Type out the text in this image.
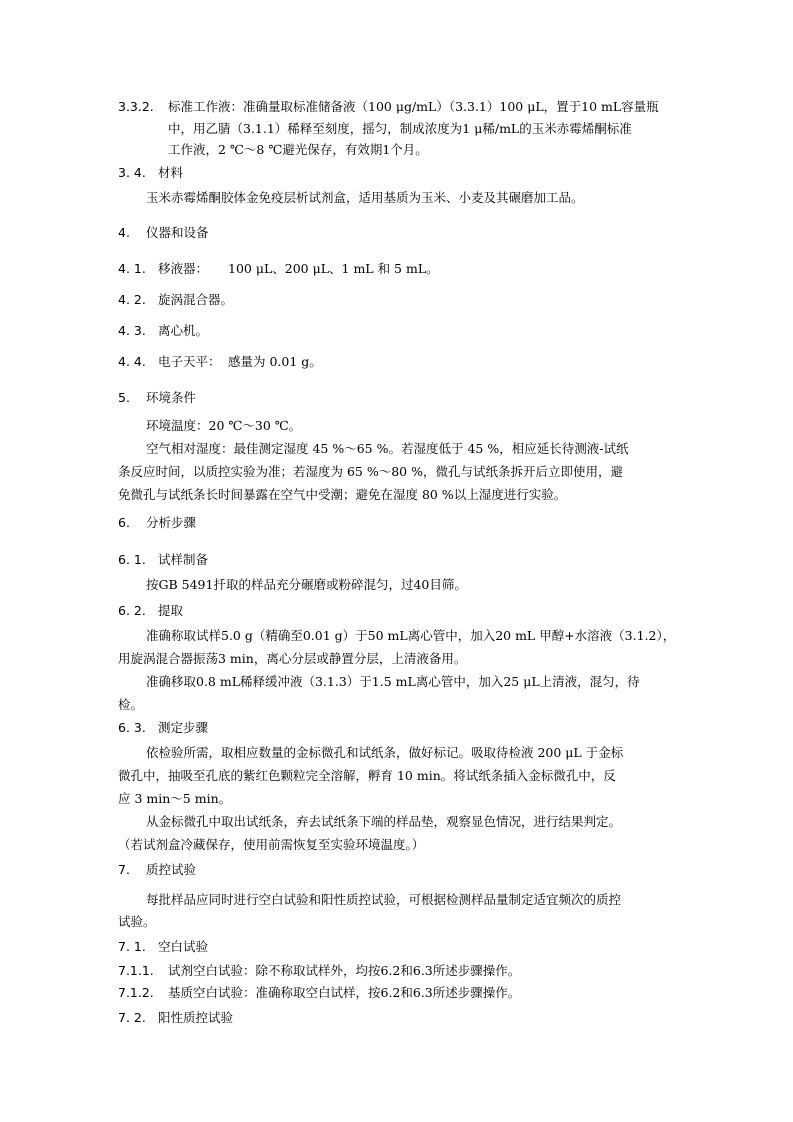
3.3.2. 标准工作液：准确量取标准储备液（100 μg/mL）（3.3.1）100 μL，置于10 mL容量瓶
中，用乙腈（3.1.1）稀释至刻度，摇匀，制成浓度为1 μ稀/mL的玉米赤霉烯酮标准
工作液，2 ℃～8 ℃避光保存，有效期1个月。
3. 4. 材料
玉米赤霉烯酮胶体金免疫层析试剂盒，适用基质为玉米、小麦及其碾磨加工品。
4. 仪器和设备
4. 1. 移液器： 100 μL、200 μL、1 mL 和 5 mL。
4. 2. 旋涡混合器。
4. 3. 离心机。
4. 4. 电子天平： 感量为 0.01 g。
5. 环境条件
环境温度：20 ℃～30 ℃。
空气相对湿度：最佳测定湿度 45 %～65 %。若湿度低于 45 %，相应延长待测液-试纸
条反应时间，以质控实验为准；若湿度为 65 %～80 %，微孔与试纸条拆开后立即使用，避
免微孔与试纸条长时间暴露在空气中受潮；避免在湿度 80 %以上湿度进行实验。
6. 分析步骤
6. 1. 试样制备
按GB 5491扦取的样品充分碾磨或粉碎混匀，过40目筛。
6. 2. 提取
准确称取试样5.0 g（精确至0.01 g）于50 mL离心管中，加入20 mL 甲醇+水溶液（3.1.2），
用旋涡混合器振荡3 min，离心分层或静置分层，上清液备用。
准确移取0.8 mL稀释缓冲液（3.1.3）于1.5 mL离心管中，加入25 μL上清液，混匀，待
检。
6. 3. 测定步骤
依检验所需，取相应数量的金标微孔和试纸条，做好标记。吸取待检液 200 μL 于金标
微孔中，抽吸至孔底的紫红色颗粒完全溶解，孵育 10 min。将试纸条插入金标微孔中，反
应 3 min～5 min。
从金标微孔中取出试纸条，弃去试纸条下端的样品垫，观察显色情况，进行结果判定。
（若试剂盒冷藏保存，使用前需恢复至实验环境温度。）
7. 质控试验
每批样品应同时进行空白试验和阳性质控试验，可根据检测样品量制定适宜频次的质控
试验。
7. 1. 空白试验
7.1.1. 试剂空白试验：除不称取试样外，均按6.2和6.3所述步骤操作。
7.1.2. 基质空白试验：准确称取空白试样，按6.2和6.3所述步骤操作。
7. 2. 阳性质控试验
